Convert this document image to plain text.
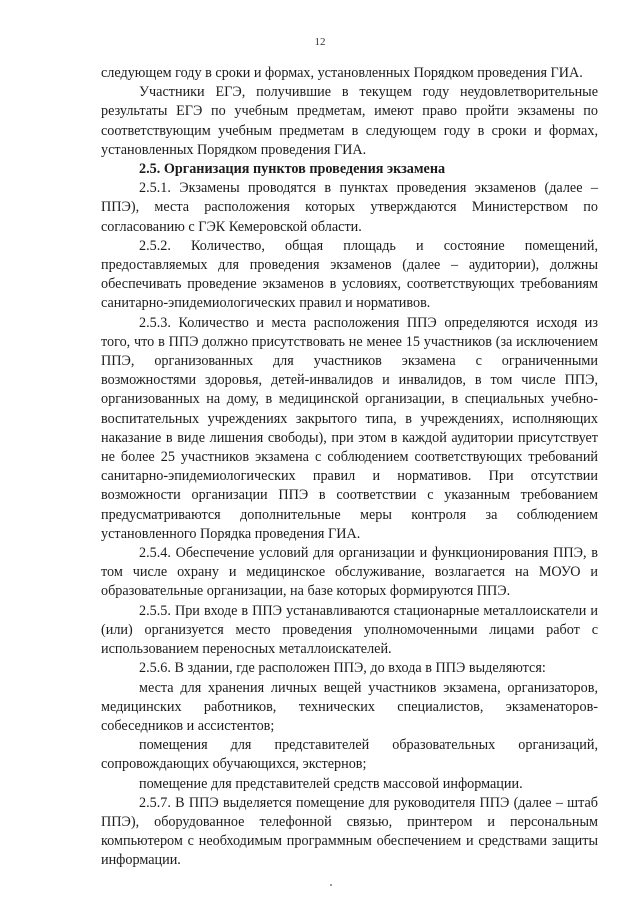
12

следующем году в сроки и формах, установленных Порядком проведения ГИА.

Участники ЕГЭ, получившие в текущем году неудовлетворительные результаты ЕГЭ по учебным предметам, имеют право пройти экзамены по соответствующим учебным предметам в следующем году в сроки и формах, установленных Порядком проведения ГИА.

2.5. Организация пунктов проведения экзамена

2.5.1. Экзамены проводятся в пунктах проведения экзаменов (далее – ППЭ), места расположения которых утверждаются Министерством по согласованию с ГЭК Кемеровской области.

2.5.2. Количество, общая площадь и состояние помещений, предоставляемых для проведения экзаменов (далее – аудитории), должны обеспечивать проведение экзаменов в условиях, соответствующих требованиям санитарно-эпидемиологических правил и нормативов.

2.5.3. Количество и места расположения ППЭ определяются исходя из того, что в ППЭ должно присутствовать не менее 15 участников (за исключением ППЭ, организованных для участников экзамена с ограниченными возможностями здоровья, детей-инвалидов и инвалидов, в том числе ППЭ, организованных на дому, в медицинской организации, в специальных учебно-воспитательных учреждениях закрытого типа, в учреждениях, исполняющих наказание в виде лишения свободы), при этом в каждой аудитории присутствует не более 25 участников экзамена с соблюдением соответствующих требований санитарно-эпидемиологических правил и нормативов. При отсутствии возможности организации ППЭ в соответствии с указанным требованием предусматриваются дополнительные меры контроля за соблюдением установленного Порядка проведения ГИА.

2.5.4. Обеспечение условий для организации и функционирования ППЭ, в том числе охрану и медицинское обслуживание, возлагается на МОУО и образовательные организации, на базе которых формируются ППЭ.

2.5.5. При входе в ППЭ устанавливаются стационарные металлоискатели и (или) организуется место проведения уполномоченными лицами работ с использованием переносных металлоискателей.

2.5.6. В здании, где расположен ППЭ, до входа в ППЭ выделяются:

места для хранения личных вещей участников экзамена, организаторов, медицинских работников, технических специалистов, экзаменаторов-собеседников и ассистентов;

помещения для представителей образовательных организаций, сопровождающих обучающихся, экстернов;

помещение для представителей средств массовой информации.

2.5.7. В ППЭ выделяется помещение для руководителя ППЭ (далее – штаб ППЭ), оборудованное телефонной связью, принтером и персональным компьютером с необходимым программным обеспечением и средствами защиты информации.
